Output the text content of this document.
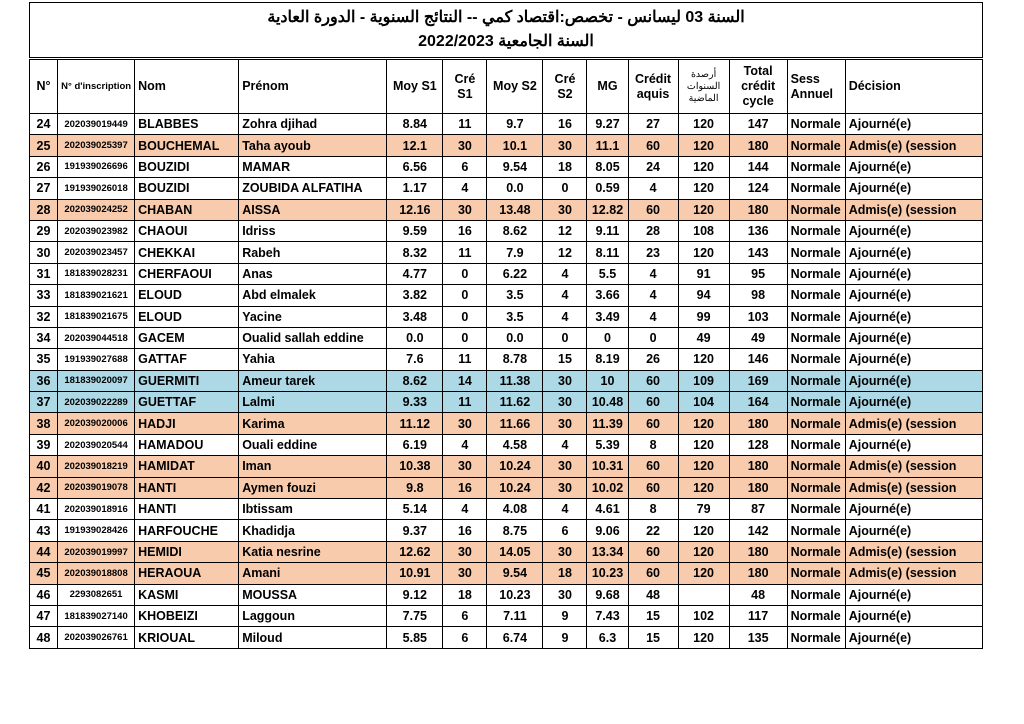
السنة 03 ليسانس - تخصص:اقتصاد كمي -- النتائج السنوية - الدورة العادية
السنة الجامعية 2022/2023
N°	N° d'inscription	Nom	Prénom	Moy S1	Cré S1	Moy S2	Cré S2	MG	Crédit aquis	أرصدة السنوات الماضية	Total crédit cycle	Sess Annuel	Décision
24	202039019449	BLABBES	Zohra djihad	8.84	11	9.7	16	9.27	27	120	147	Normale	Ajourné(e)
25	202039025397	BOUCHEMAL	Taha ayoub	12.1	30	10.1	30	11.1	60	120	180	Normale	Admis(e) (session
26	191939026696	BOUZIDI	MAMAR	6.56	6	9.54	18	8.05	24	120	144	Normale	Ajourné(e)
27	191939026018	BOUZIDI	ZOUBIDA ALFATIHA	1.17	4	0.0	0	0.59	4	120	124	Normale	Ajourné(e)
28	202039024252	CHABAN	AISSA	12.16	30	13.48	30	12.82	60	120	180	Normale	Admis(e) (session
29	202039023982	CHAOUI	Idriss	9.59	16	8.62	12	9.11	28	108	136	Normale	Ajourné(e)
30	202039023457	CHEKKAI	Rabeh	8.32	11	7.9	12	8.11	23	120	143	Normale	Ajourné(e)
31	181839028231	CHERFAOUI	Anas	4.77	0	6.22	4	5.5	4	91	95	Normale	Ajourné(e)
33	181839021621	ELOUD	Abd elmalek	3.82	0	3.5	4	3.66	4	94	98	Normale	Ajourné(e)
32	181839021675	ELOUD	Yacine	3.48	0	3.5	4	3.49	4	99	103	Normale	Ajourné(e)
34	202039044518	GACEM	Oualid sallah eddine	0.0	0	0.0	0	0	0	49	49	Normale	Ajourné(e)
35	191939027688	GATTAF	Yahia	7.6	11	8.78	15	8.19	26	120	146	Normale	Ajourné(e)
36	181839020097	GUERMITI	Ameur tarek	8.62	14	11.38	30	10	60	109	169	Normale	Ajourné(e)
37	202039022289	GUETTAF	Lalmi	9.33	11	11.62	30	10.48	60	104	164	Normale	Ajourné(e)
38	202039020006	HADJI	Karima	11.12	30	11.66	30	11.39	60	120	180	Normale	Admis(e) (session
39	202039020544	HAMADOU	Ouali eddine	6.19	4	4.58	4	5.39	8	120	128	Normale	Ajourné(e)
40	202039018219	HAMIDAT	Iman	10.38	30	10.24	30	10.31	60	120	180	Normale	Admis(e) (session
42	202039019078	HANTI	Aymen fouzi	9.8	16	10.24	30	10.02	60	120	180	Normale	Admis(e) (session
41	202039018916	HANTI	Ibtissam	5.14	4	4.08	4	4.61	8	79	87	Normale	Ajourné(e)
43	191939028426	HARFOUCHE	Khadidja	9.37	16	8.75	6	9.06	22	120	142	Normale	Ajourné(e)
44	202039019997	HEMIDI	Katia nesrine	12.62	30	14.05	30	13.34	60	120	180	Normale	Admis(e) (session
45	202039018808	HERAOUA	Amani	10.91	30	9.54	18	10.23	60	120	180	Normale	Admis(e) (session
46	2293082651	KASMI	MOUSSA	9.12	18	10.23	30	9.68	48		48	Normale	Ajourné(e)
47	181839027140	KHOBEIZI	Laggoun	7.75	6	7.11	9	7.43	15	102	117	Normale	Ajourné(e)
48	202039026761	KRIOUAL	Miloud	5.85	6	6.74	9	6.3	15	120	135	Normale	Ajourné(e)
